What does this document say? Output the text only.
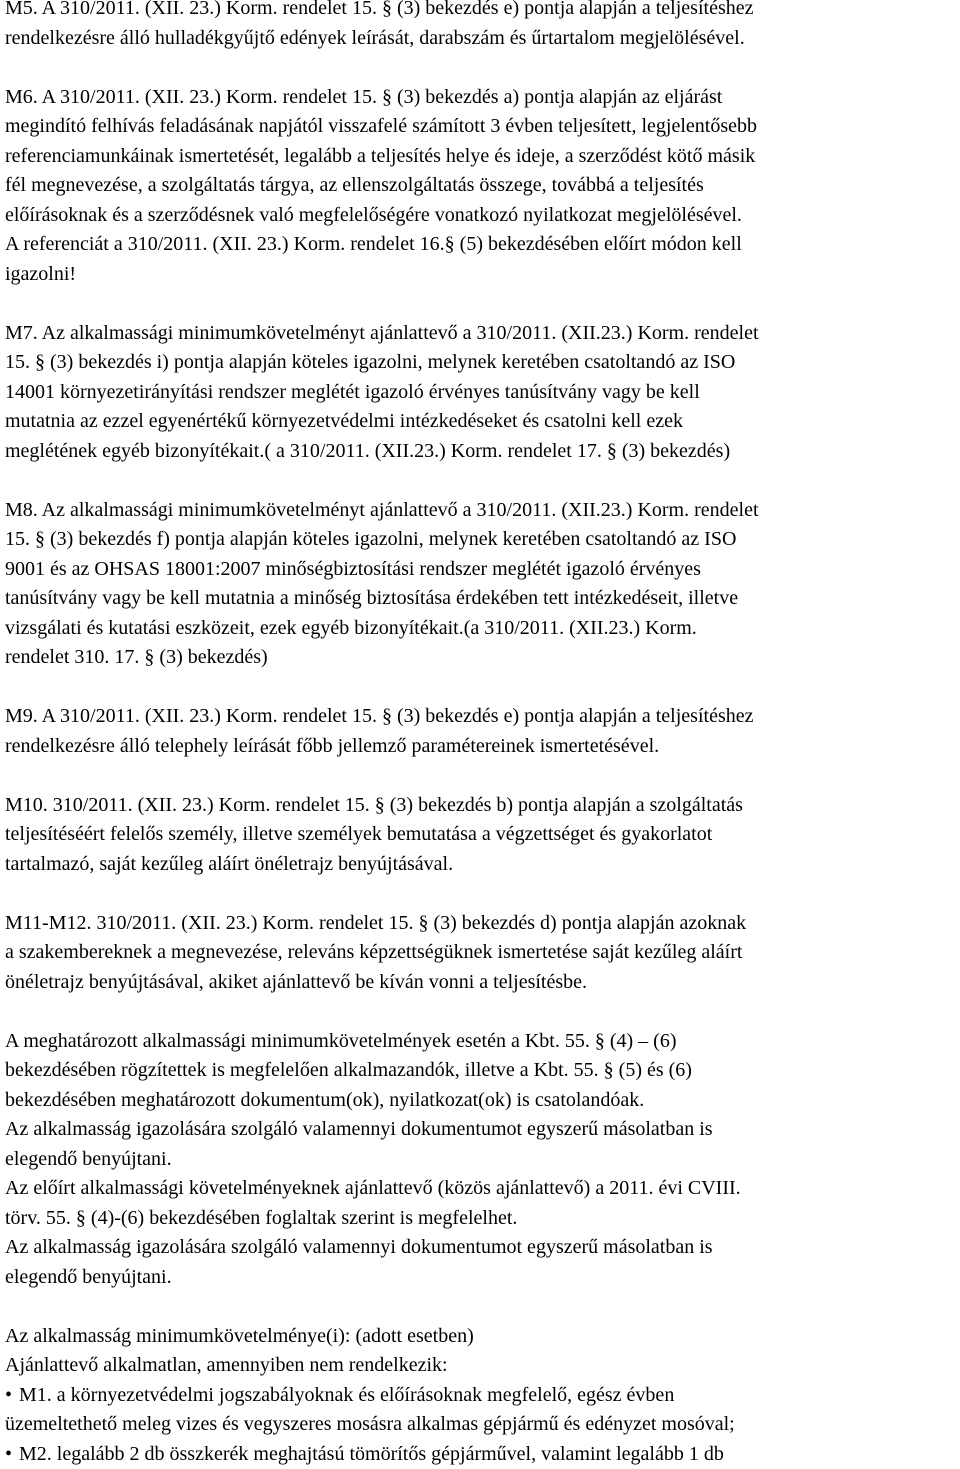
M5. A 310/2011. (XII. 23.) Korm. rendelet 15. § (3) bekezdés e) pontja alapján a teljesítéshez
rendelkezésre álló hulladékgyűjtő edények leírását, darabszám és űrtartalom megjelölésével.
M6. A 310/2011. (XII. 23.) Korm. rendelet 15. § (3) bekezdés a) pontja alapján az eljárást
megindító felhívás feladásának napjától visszafelé számított 3 évben teljesített, legjelentősebb
referenciamunkáinak ismertetését, legalább a teljesítés helye és ideje, a szerződést kötő másik
fél megnevezése, a szolgáltatás tárgya, az ellenszolgáltatás összege, továbbá a teljesítés
előírásoknak és a szerződésnek való megfelelőségére vonatkozó nyilatkozat megjelölésével.
A referenciát a 310/2011. (XII. 23.) Korm. rendelet 16.§ (5) bekezdésében előírt módon kell
igazolni!
M7. Az alkalmassági minimumkövetelményt ajánlattevő a 310/2011. (XII.23.) Korm. rendelet
15. § (3) bekezdés i) pontja alapján köteles igazolni, melynek keretében csatoltandó az ISO
14001 környezetirányítási rendszer meglétét igazoló érvényes tanúsítvány vagy be kell
mutatnia az ezzel egyenértékű környezetvédelmi intézkedéseket és csatolni kell ezek
meglétének egyéb bizonyítékait.( a 310/2011. (XII.23.) Korm. rendelet 17. § (3) bekezdés)
M8. Az alkalmassági minimumkövetelményt ajánlattevő a 310/2011. (XII.23.) Korm. rendelet
15. § (3) bekezdés f) pontja alapján köteles igazolni, melynek keretében csatoltandó az ISO
9001 és az OHSAS 18001:2007 minőségbiztosítási rendszer meglétét igazoló érvényes
tanúsítvány vagy be kell mutatnia a minőség biztosítása érdekében tett intézkedéseit, illetve
vizsgálati és kutatási eszközeit, ezek egyéb bizonyítékait.(a 310/2011. (XII.23.) Korm.
rendelet 310. 17. § (3) bekezdés)
M9. A 310/2011. (XII. 23.) Korm. rendelet 15. § (3) bekezdés e) pontja alapján a teljesítéshez
rendelkezésre álló telephely leírását főbb jellemző paramétereinek ismertetésével.
M10. 310/2011. (XII. 23.) Korm. rendelet 15. § (3) bekezdés b) pontja alapján a szolgáltatás
teljesítéséért felelős személy, illetve személyek bemutatása a végzettséget és gyakorlatot
tartalmazó, saját kezűleg aláírt önéletrajz benyújtásával.
M11-M12. 310/2011. (XII. 23.) Korm. rendelet 15. § (3) bekezdés d) pontja alapján azoknak
a szakembereknek a megnevezése, releváns képzettségüknek ismertetése saját kezűleg aláírt
önéletrajz benyújtásával, akiket ajánlattevő be kíván vonni a teljesítésbe.
A meghatározott alkalmassági minimumkövetelmények esetén a Kbt. 55. § (4) – (6)
bekezdésében rögzítettek is megfelelően alkalmazandók, illetve a Kbt. 55. § (5) és (6)
bekezdésében meghatározott dokumentum(ok), nyilatkozat(ok) is csatolandóak.
Az alkalmasság igazolására szolgáló valamennyi dokumentumot egyszerű másolatban is
elegendő benyújtani.
Az előírt alkalmassági követelményeknek ajánlattevő (közös ajánlattevő) a 2011. évi CVIII.
törv. 55. § (4)-(6) bekezdésében foglaltak szerint is megfelelhet.
Az alkalmasság igazolására szolgáló valamennyi dokumentumot egyszerű másolatban is
elegendő benyújtani.
Az alkalmasság minimumkövetelménye(i): (adott esetben)
Ajánlattevő alkalmatlan, amennyiben nem rendelkezik:
• M1. a környezetvédelmi jogszabályoknak és előírásoknak megfelelő, egész évben
üzemeltethető meleg vizes és vegyszeres mosásra alkalmas gépjármű és edényzet mosóval;
• M2. legalább 2 db összkerék meghajtású tömörítős gépjárművel, valamint legalább 1 db
